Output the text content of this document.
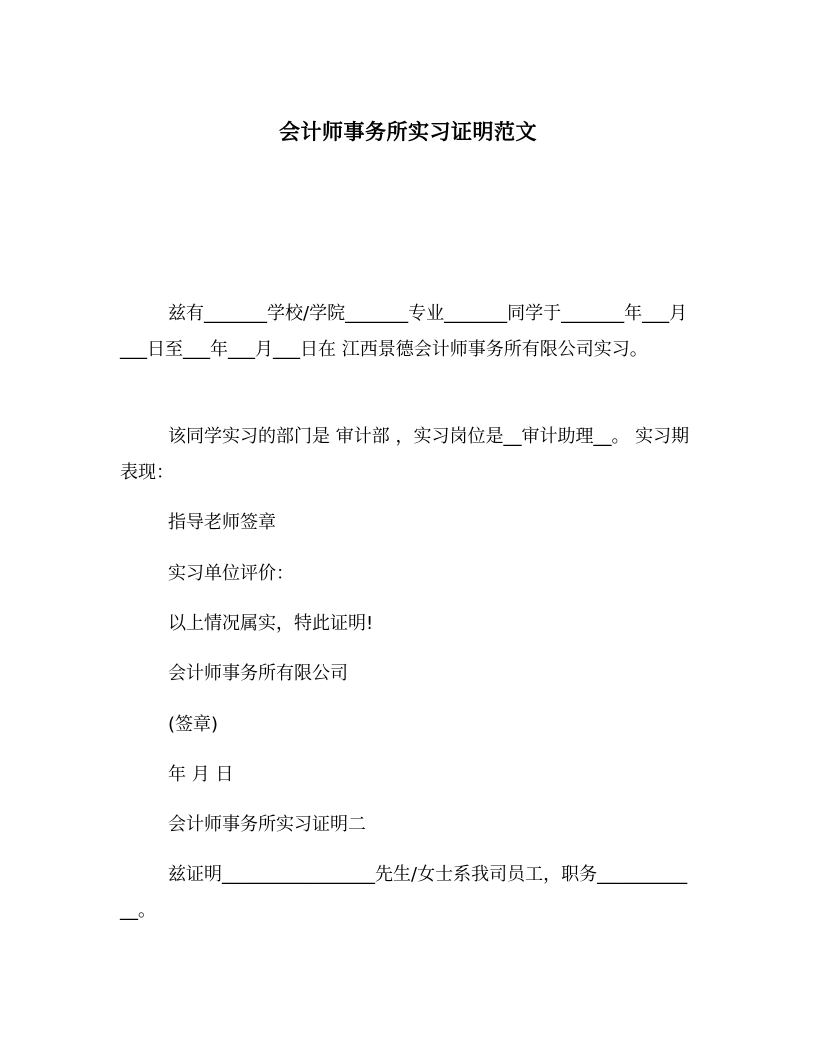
会计师事务所实习证明范文

兹有_______学校/学院_______专业_______同学于_______年___月___日至___年___月___日在 江西景德会计师事务所有限公司实习。

该同学实习的部门是 审计部 ，实习岗位是__审计助理__。 实习期表现：

指导老师签章

实习单位评价：

以上情况属实，特此证明!

会计师事务所有限公司

(签章)

年 月 日

会计师事务所实习证明二

兹证明_________________先生/女士系我司员工，职务____________。
